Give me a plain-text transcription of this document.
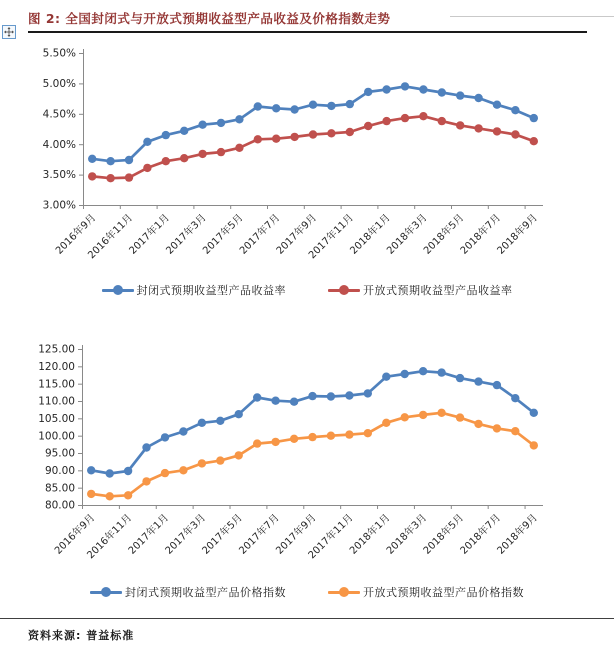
图 2: 全国封闭式与开放式预期收益型产品收益及价格指数走势
3.00%
3.50%
4.00%
4.50%
5.00%
5.50%
2016年9月
2016年11月
2017年1月
2017年3月
2017年5月
2017年7月
2017年9月
2017年11月
2018年1月
2018年3月
2018年5月
2018年7月
2018年9月
80.00
85.00
90.00
95.00
100.00
105.00
110.00
115.00
120.00
125.00
2016年9月
2016年11月
2017年1月
2017年3月
2017年5月
2017年7月
2017年9月
2017年11月
2018年1月
2018年3月
2018年5月
2018年7月
2018年9月
封闭式预期收益型产品收益率	开放式预期收益型产品收益率
封闭式预期收益型产品价格指数	开放式预期收益型产品价格指数
资料来源: 普益标准
